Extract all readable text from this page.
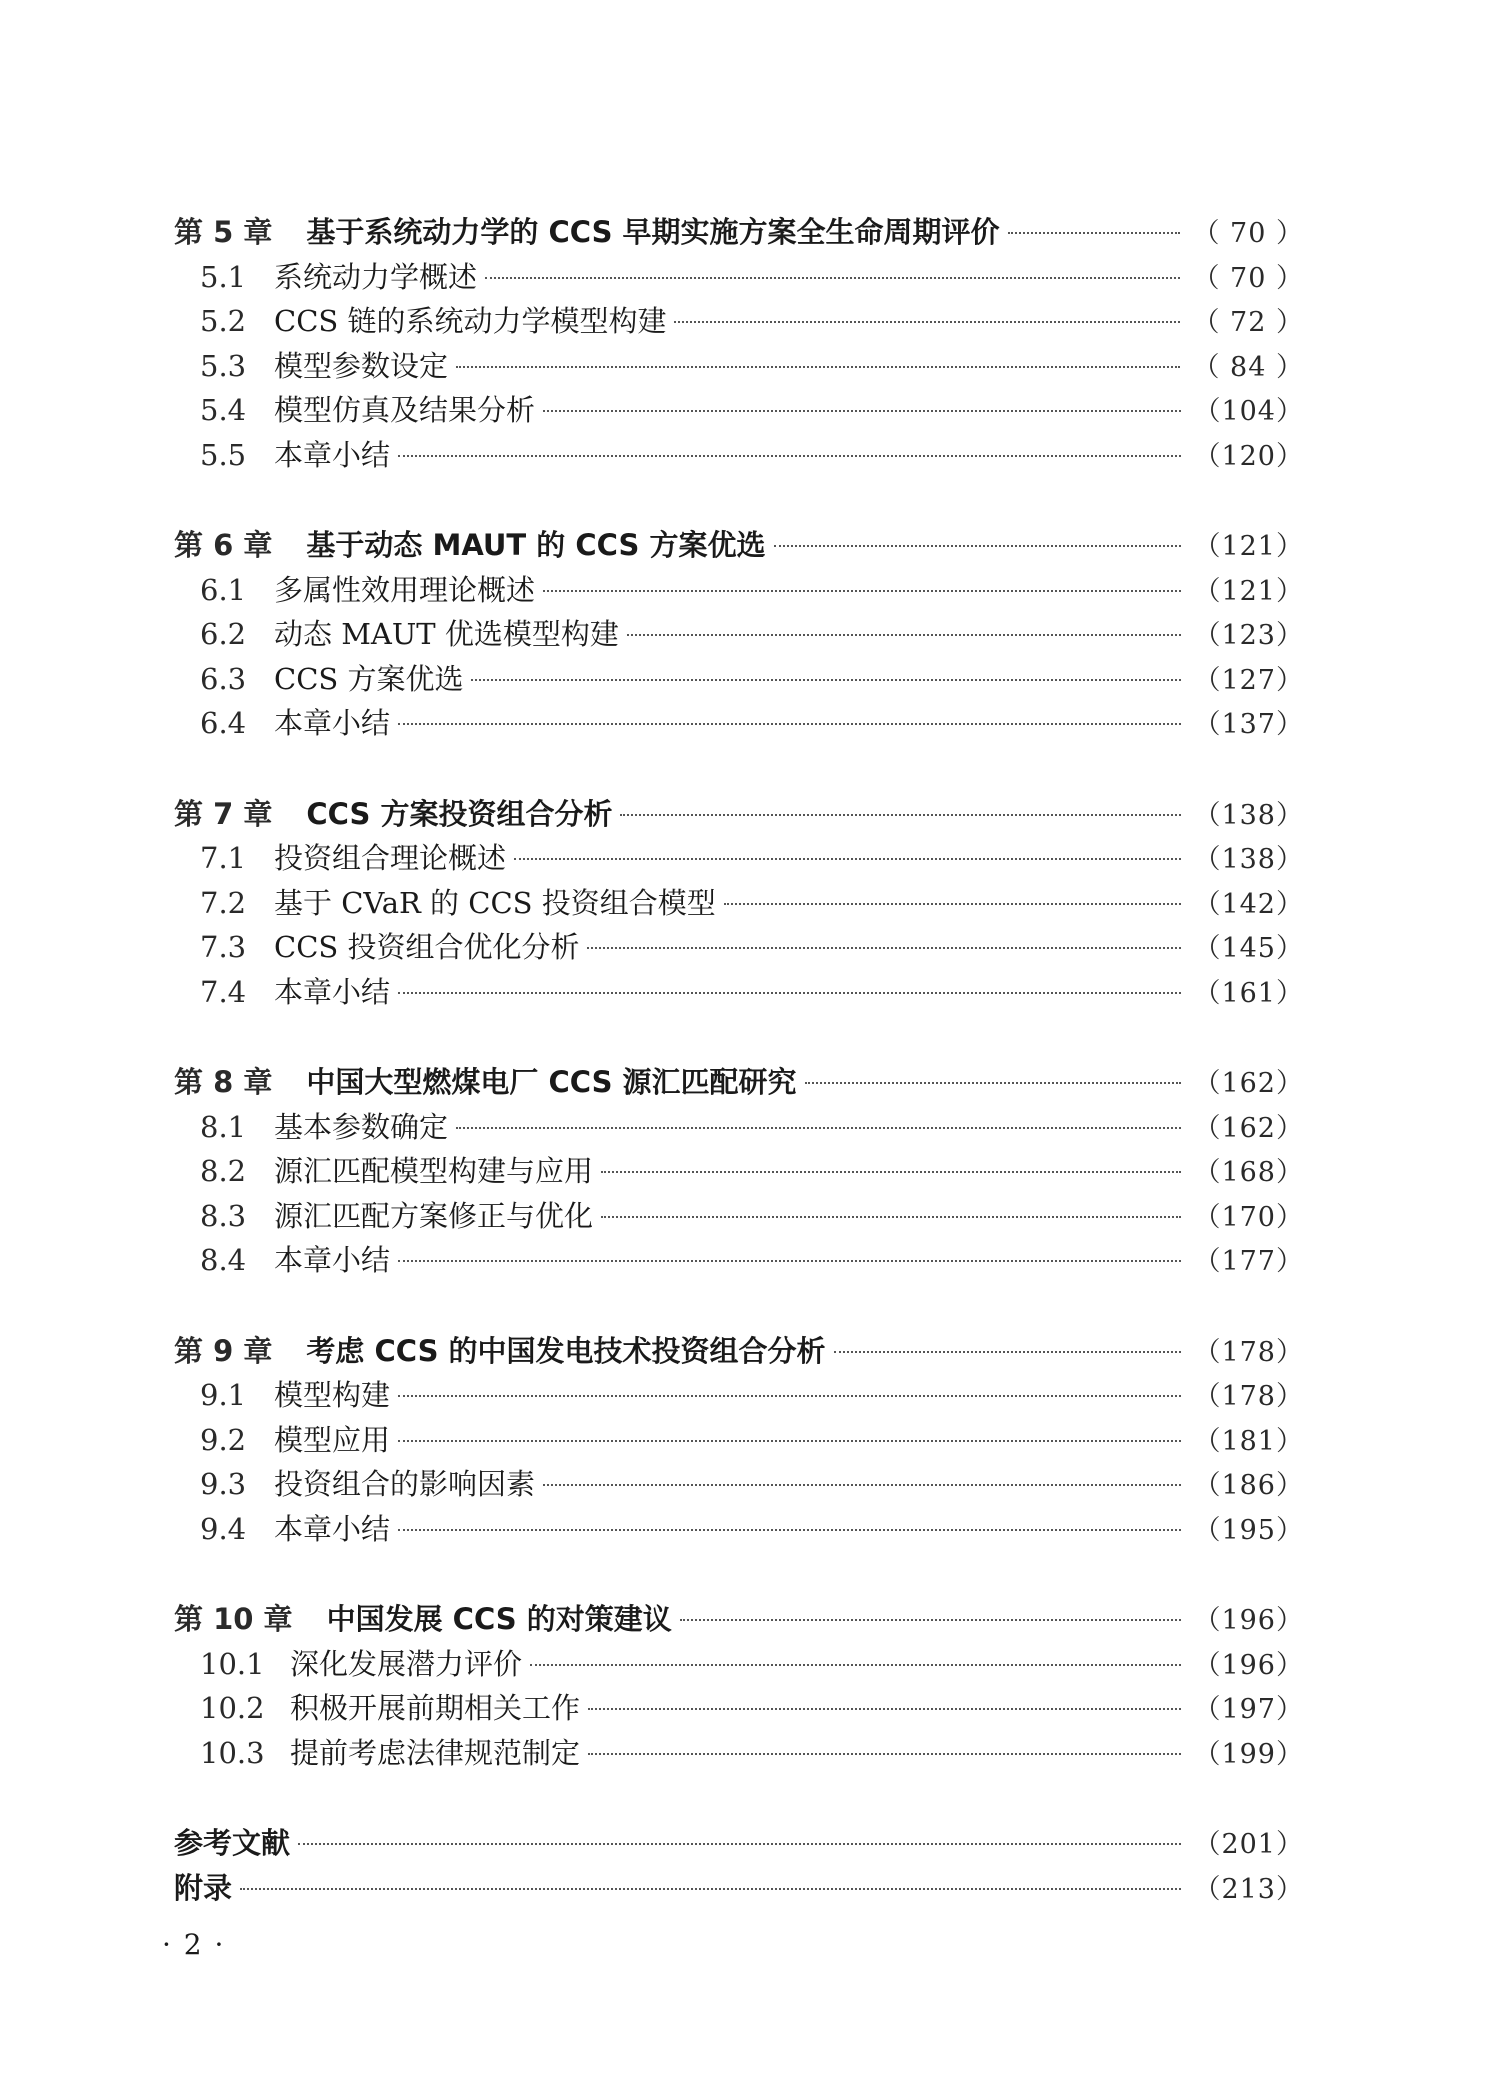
第 5 章 基于系统动力学的 CCS 早期实施方案全生命周期评价	（ 70 ）
5.1 系统动力学概述	（ 70 ）
5.2 CCS 链的系统动力学模型构建	（ 72 ）
5.3 模型参数设定	（ 84 ）
5.4 模型仿真及结果分析	（104）
5.5 本章小结	（120）
第 6 章 基于动态 MAUT 的 CCS 方案优选	（121）
6.1 多属性效用理论概述	（121）
6.2 动态 MAUT 优选模型构建	（123）
6.3 CCS 方案优选	（127）
6.4 本章小结	（137）
第 7 章 CCS 方案投资组合分析	（138）
7.1 投资组合理论概述	（138）
7.2 基于 CVaR 的 CCS 投资组合模型	（142）
7.3 CCS 投资组合优化分析	（145）
7.4 本章小结	（161）
第 8 章 中国大型燃煤电厂 CCS 源汇匹配研究	（162）
8.1 基本参数确定	（162）
8.2 源汇匹配模型构建与应用	（168）
8.3 源汇匹配方案修正与优化	（170）
8.4 本章小结	（177）
第 9 章 考虑 CCS 的中国发电技术投资组合分析	（178）
9.1 模型构建	（178）
9.2 模型应用	（181）
9.3 投资组合的影响因素	（186）
9.4 本章小结	（195）
第 10 章 中国发展 CCS 的对策建议	（196）
10.1 深化发展潜力评价	（196）
10.2 积极开展前期相关工作	（197）
10.3 提前考虑法律规范制定	（199）
参考文献	（201）
附录	（213）
· 2 ·
